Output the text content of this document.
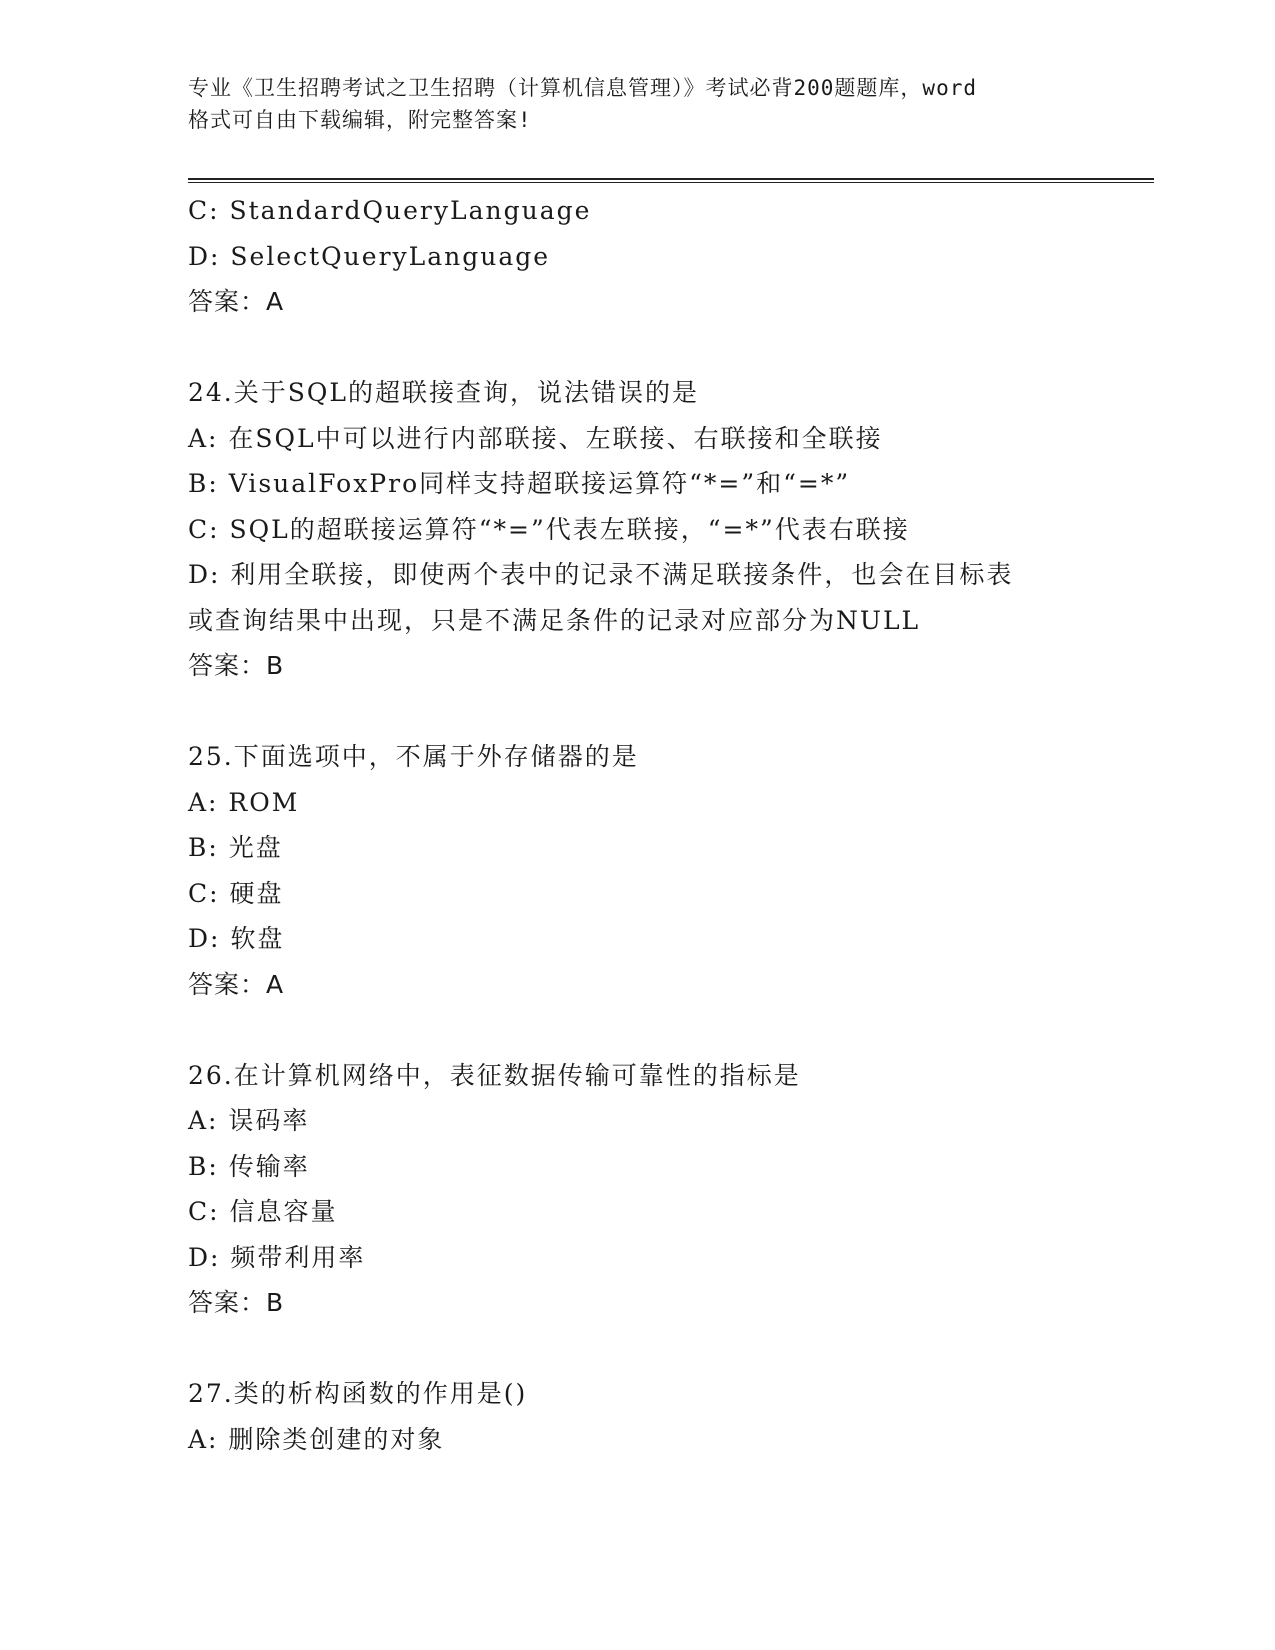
专业《卫生招聘考试之卫生招聘（计算机信息管理）》考试必背200题题库，word
格式可自由下载编辑，附完整答案!
C: StandardQueryLanguage
D: SelectQueryLanguage
答案：A
24.关于SQL的超联接查询，说法错误的是
A: 在SQL中可以进行内部联接、左联接、右联接和全联接
B: VisualFoxPro同样支持超联接运算符“*=”和“=*”
C: SQL的超联接运算符“*=”代表左联接，“=*”代表右联接
D: 利用全联接，即使两个表中的记录不满足联接条件，也会在目标表
或查询结果中出现，只是不满足条件的记录对应部分为NULL
答案：B
25.下面选项中，不属于外存储器的是
A: ROM
B: 光盘
C: 硬盘
D: 软盘
答案：A
26.在计算机网络中，表征数据传输可靠性的指标是
A: 误码率
B: 传输率
C: 信息容量
D: 频带利用率
答案：B
27.类的析构函数的作用是()
A: 删除类创建的对象
